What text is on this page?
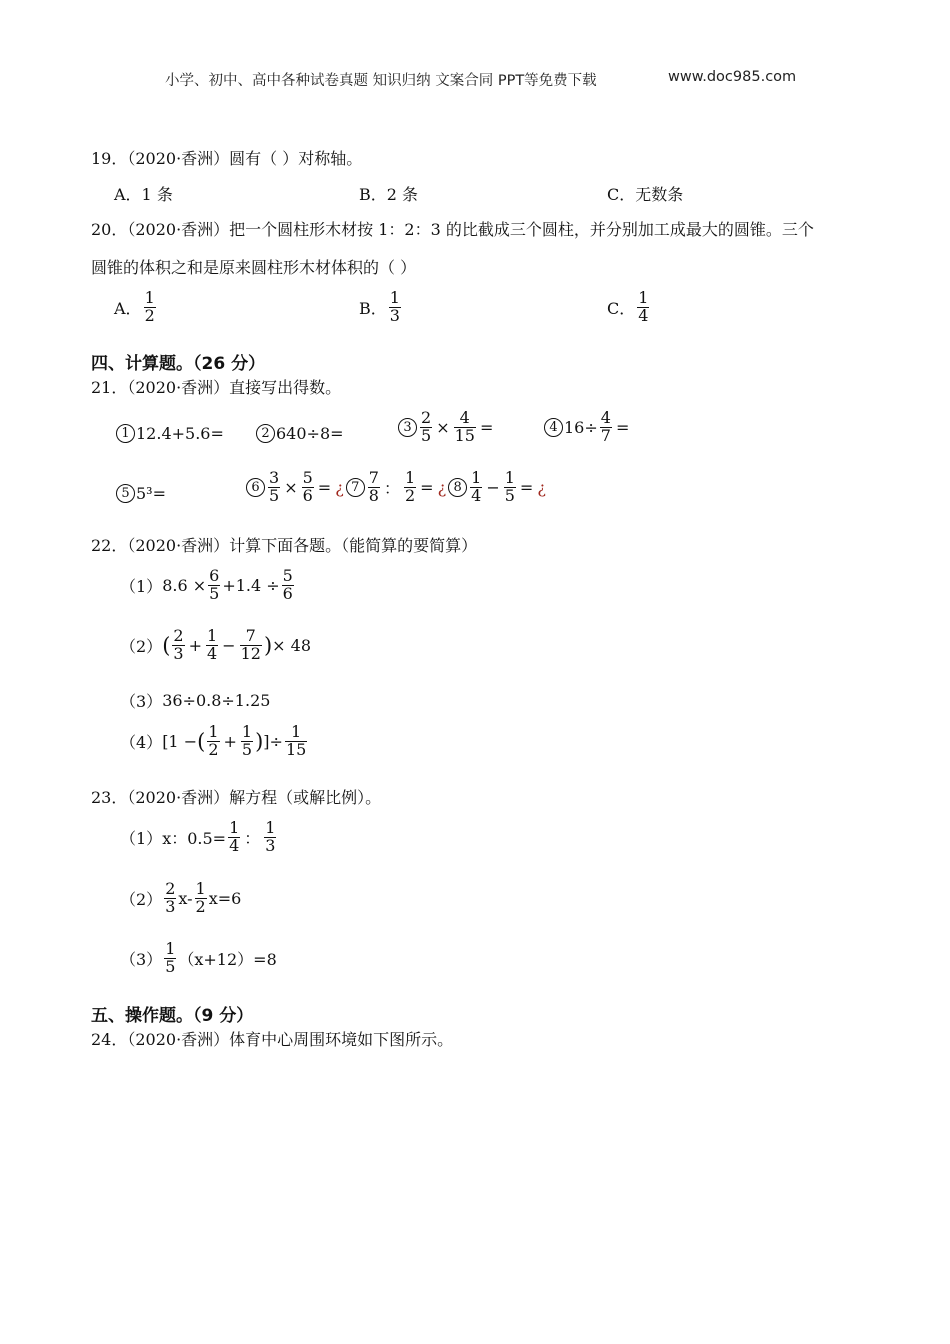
小学、初中、高中各种试卷真题 知识归纳 文案合同 PPT等免费下载	www.doc985.com
19．（2020·香洲）圆有（ ）对称轴。
A．1 条	B．2 条	C．无数条
20．（2020·香洲）把一个圆柱形木材按 1：2：3 的比截成三个圆柱，并分别加工成最大的圆锥。三个
圆锥的体积之和是原来圆柱形木材体积的（ ）
A． $\frac{1}{2}$	B． $\frac{1}{3}$	C． $\frac{1}{4}$
四、计算题。（26 分）
21．（2020·香洲）直接写出得数。
1 12.4+5.6=	2 640÷8=	$3 \frac{2}{5} \times \frac{4}{15}$ =	4 $16\div \frac{4}{7}$ =
5 5³=	$6 \frac{3}{5} \times \frac{5}{6}$ = ¿ $7 \frac{7}{8}$ ： $\frac{1}{2}$ = ¿ $8 \frac{1}{4} - \frac{1}{5}$ = ¿
22．（2020·香洲）计算下面各题。（能简算的要简算）
$(1)8.6 \times \frac{6}{5} +1.4 \div \frac{5}{6}$
$(2)( \frac{2}{3} + \frac{1}{4} - \frac{7}{12}$ )× 48
（3）36÷0.8÷1.25
（4）[1 −( $\frac{1}{2} + \frac{1}{5}$ )]÷ $\frac{1}{15}$
23．（2020·香洲）解方程（或解比例）。
（1）x：$0.5= \frac{1}{4}$ ： $\frac{1}{3}$
$(2) \frac{2}{3} x- \frac{1}{2} x=6$
$(3) \frac{1}{5} (x+12)=8$
五、操作题。（9 分）
24．（2020·香洲）体育中心周围环境如下图所示。
